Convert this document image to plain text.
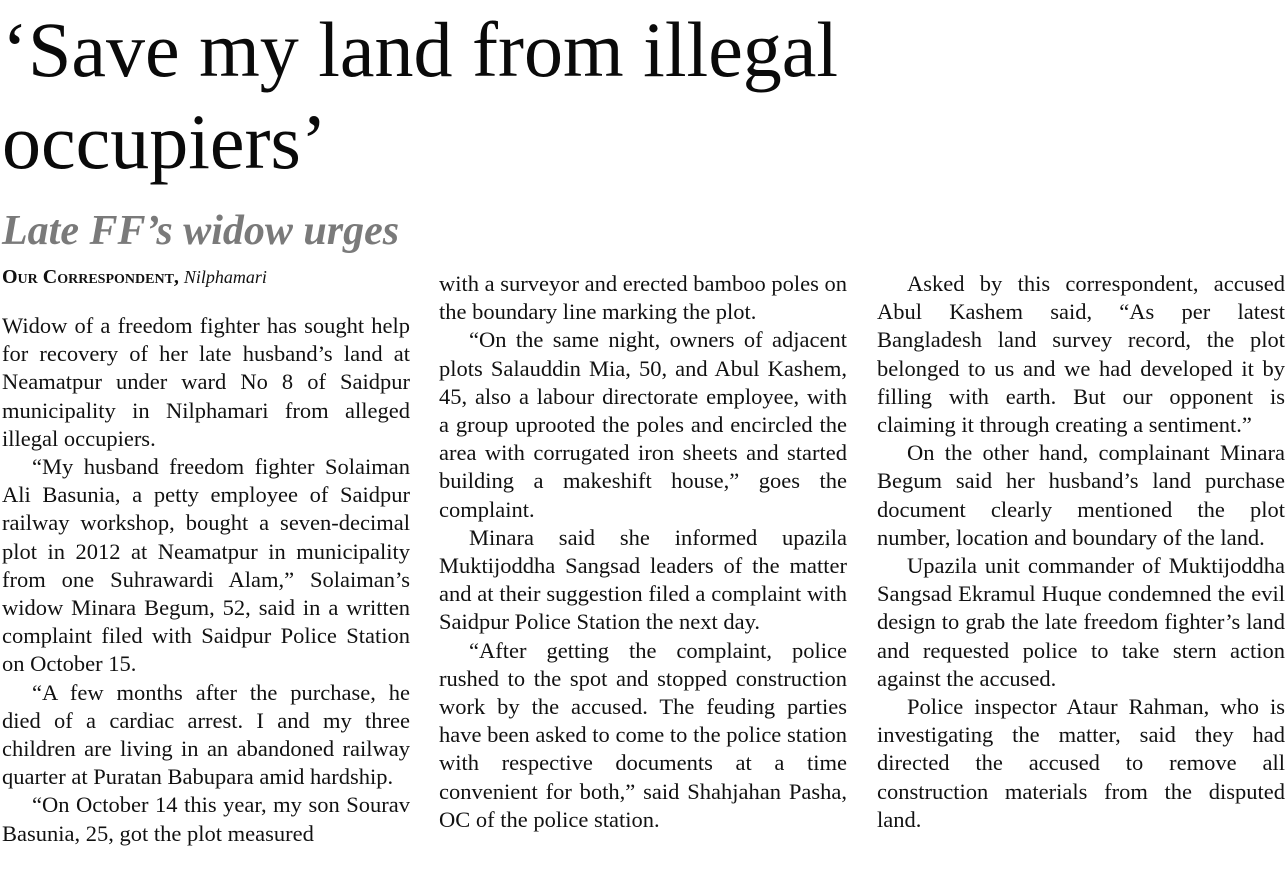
‘Save my land from illegal
occupiers’
Late FF’s widow urges
Our Correspondent, Nilphamari

Widow of a freedom fighter has sought help for recovery of her late husband’s land at Neamatpur under ward No 8 of Saidpur municipality in Nilphamari from alleged illegal occupiers.

“My husband freedom fighter Solaiman Ali Basunia, a petty employee of Saidpur railway workshop, bought a seven-decimal plot in 2012 at Neamatpur in municipality from one Suhrawardi Alam,” Solaiman’s widow Minara Begum, 52, said in a written complaint filed with Saidpur Police Station on October 15.

“A few months after the purchase, he died of a cardiac arrest. I and my three children are living in an abandoned railway quarter at Puratan Babupara amid hardship.

“On October 14 this year, my son Sourav Basunia, 25, got the plot measured

with a surveyor and erected bamboo poles on the boundary line marking the plot.

“On the same night, owners of adjacent plots Salauddin Mia, 50, and Abul Kashem, 45, also a labour directorate employee, with a group uprooted the poles and encircled the area with corrugated iron sheets and started building a makeshift house,” goes the complaint.

Minara said she informed upazila Muktijoddha Sangsad leaders of the matter and at their suggestion filed a complaint with Saidpur Police Station the next day.

“After getting the complaint, police rushed to the spot and stopped construction work by the accused. The feuding parties have been asked to come to the police station with respective documents at a time convenient for both,” said Shahjahan Pasha, OC of the police station.

Asked by this correspondent, accused Abul Kashem said, “As per latest Bangladesh land survey record, the plot belonged to us and we had developed it by filling with earth. But our opponent is claiming it through creating a sentiment.”

On the other hand, complainant Minara Begum said her husband’s land purchase document clearly mentioned the plot number, location and boundary of the land.

Upazila unit commander of Muktijoddha Sangsad Ekramul Huque condemned the evil design to grab the late freedom fighter’s land and requested police to take stern action against the accused.

Police inspector Ataur Rahman, who is investigating the matter, said they had directed the accused to remove all construction materials from the disputed land.
